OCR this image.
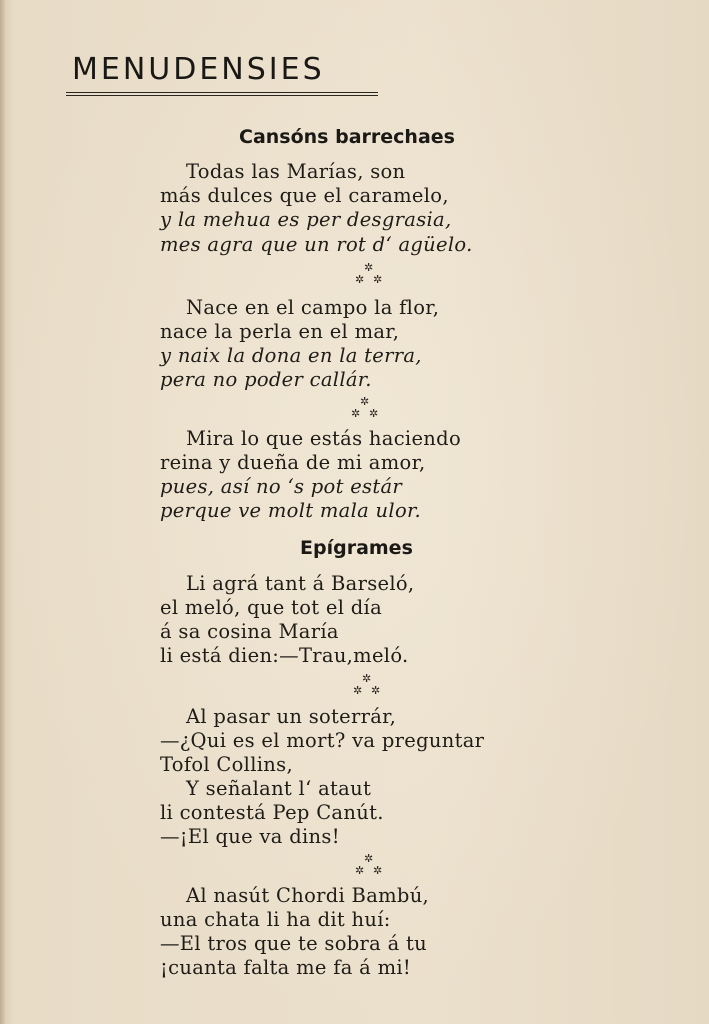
MENUDENSIES
Cansóns barrechaes
Todas las Marías, son
más dulces que el caramelo,
y la mehua es per desgrasia,
mes agra que un rot d‘ agüelo.
✲
✲ ✲
Nace en el campo la flor,
nace la perla en el mar,
y naix la dona en la terra,
pera no poder callár.
✲
✲ ✲
Mira lo que estás haciendo
reina y dueña de mi amor,
pues, así no ‘s pot estár
perque ve molt mala ulor.
Epígrames
Li agrá tant á Barseló,
el meló, que tot el día
á sa cosina María
li está dien:—Trau,meló.
✲
✲ ✲
Al pasar un soterrár,
—¿Qui es el mort? va preguntar
Tofol Collins,
Y señalant l‘ ataut
li contestá Pep Canút.
—¡El que va dins!
✲
✲ ✲
Al nasút Chordi Bambú,
una chata li ha dit huí:
—El tros que te sobra á tu
¡cuanta falta me fa á mi!
